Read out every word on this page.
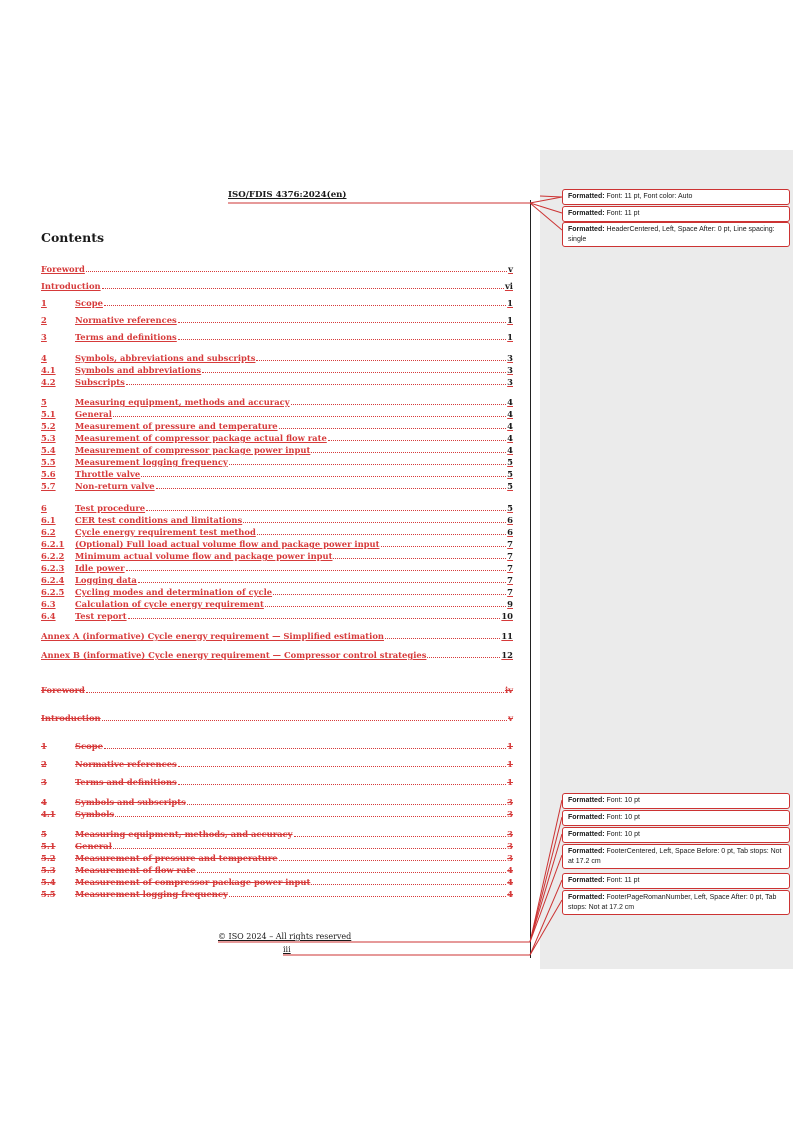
ISO/FDIS 4376:2024(en)
Contents
Foreword	v
Introduction	vi
1	Scope	1
2	Normative references	1
3	Terms and definitions	1
4	Symbols, abbreviations and subscripts	3
4.1	Symbols and abbreviations	3
4.2	Subscripts	3
5	Measuring equipment, methods and accuracy	4
5.1	General	4
5.2	Measurement of pressure and temperature	4
5.3	Measurement of compressor package actual flow rate	4
5.4	Measurement of compressor package power input	4
5.5	Measurement logging frequency	5
5.6	Throttle valve	5
5.7	Non-return valve	5
6	Test procedure	5
6.1	CER test conditions and limitations	6
6.2	Cycle energy requirement test method	6
6.2.1	(Optional) Full load actual volume flow and package power input	7
6.2.2	Minimum actual volume flow and package power input	7
6.2.3	Idle power	7
6.2.4	Logging data	7
6.2.5	Cycling modes and determination of cycle	7
6.3	Calculation of cycle energy requirement	9
6.4	Test report	10
Annex A (informative) Cycle energy requirement — Simplified estimation	11
Annex B (informative) Cycle energy requirement — Compressor control strategies	12
Foreword	iv
Introduction	v
1	Scope	1
2	Normative references	1
3	Terms and definitions	1
4	Symbols and subscripts	3
4.1	Symbols	3
5	Measuring equipment, methods, and accuracy	3
5.1	General	3
5.2	Measurement of pressure and temperature	3
5.3	Measurement of flow rate	4
5.4	Measurement of compressor package power input	4
5.5	Measurement logging frequency	4
© ISO 2024 – All rights reserved
iii
Formatted: Font: 11 pt, Font color: Auto
Formatted: Font: 11 pt
Formatted: HeaderCentered, Left, Space After: 0 pt, Line spacing: single
Formatted: Font: 10 pt
Formatted: Font: 10 pt
Formatted: Font: 10 pt
Formatted: FooterCentered, Left, Space Before: 0 pt, Tab stops: Not at 17.2 cm
Formatted: Font: 11 pt
Formatted: FooterPageRomanNumber, Left, Space After: 0 pt, Tab stops: Not at 17.2 cm
